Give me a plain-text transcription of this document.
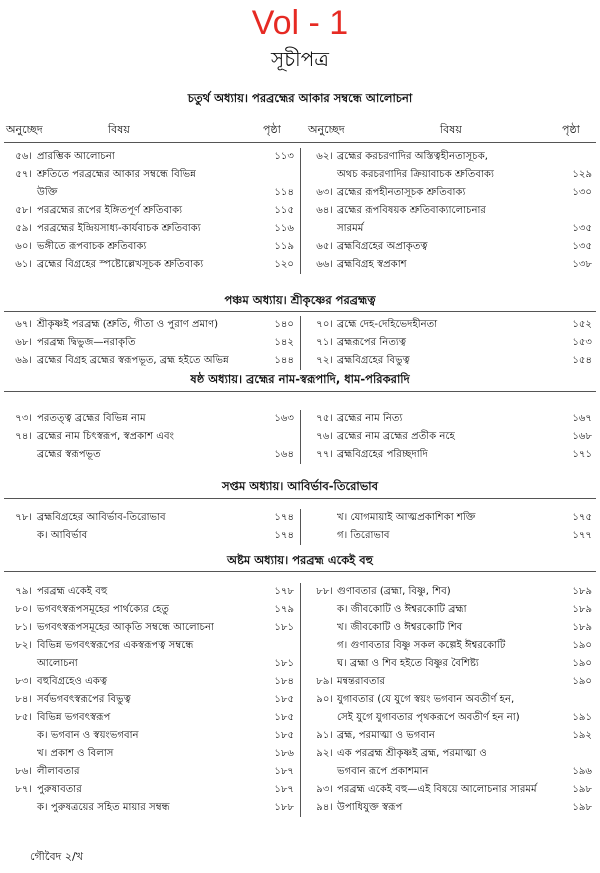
Vol - 1
সূচীপত্র
অনুচ্ছেদ	বিষয়	পৃষ্ঠা অনুচ্ছেদ	বিষয়	পৃষ্ঠা
চতুর্থ অধ্যায়। পরব্রহ্মের আকার সম্বন্ধে আলোচনা
৫৬। প্রারম্ভিক আলোচনা	১১৩
৫৭। শ্রুতিতে পরব্রহ্মের আকার সম্বন্ধে বিভিন্ন
উক্তি	১১৪
৫৮। পরব্রহ্মের রূপের ইঙ্গিতপূর্ণ শ্রুতিবাক্য	১১৫
৫৯। পরব্রহ্মের ইন্দ্রিয়সাধ্য-কার্যবাচক শ্রুতিবাক্য	১১৬
৬০। ভঙ্গীতে রূপবাচক শ্রুতিবাক্য	১১৯
৬১। ব্রহ্মের বিগ্রহের স্পষ্টোল্লেখসূচক শ্রুতিবাক্য	১২০
৬২। ব্রহ্মের করচরণাদির অস্তিত্বহীনতাসূচক,
অথচ করচরণাদির ক্রিয়াবাচক শ্রুতিবাক্য	১২৯
৬৩। ব্রহ্মের রূপহীনতাসূচক শ্রুতিবাক্য	১৩০
৬৪। ব্রহ্মের রূপবিষয়ক শ্রুতিবাক্যালোচনার
সারমর্ম	১৩৫
৬৫। ব্রহ্মবিগ্রহের অপ্রাকৃতত্ব	১৩৫
৬৬। ব্রহ্মবিগ্রহ স্বপ্রকাশ	১৩৮
পঞ্চম অধ্যায়। শ্রীকৃষ্ণের পরব্রহ্মত্ব
৬৭। শ্রীকৃষ্ণই পরব্রহ্ম (শ্রুতি, গীতা ও পুরাণ প্রমাণ)	১৪০
৬৮। পরব্রহ্ম দ্বিভুজ—নরাকৃতি	১৪২
৬৯। ব্রহ্মের বিগ্রহ ব্রহ্মের স্বরূপভূত, ব্রহ্ম হইতে অভিন্ন	১৪৪
৭০। ব্রহ্মে দেহ-দেহিভেদহীনতা	১৫২
৭১। ব্রহ্মরূপের নিত্যত্ব	১৫৩
৭২। ব্রহ্মবিগ্রহের বিভুত্ব	১৫৪
ষষ্ঠ অধ্যায়। ব্রহ্মের নাম-স্বরূপাদি, ধাম-পরিকরাদি
৭৩। পরতত্ত্ব ব্রহ্মের বিভিন্ন নাম	১৬৩
৭৪। ব্রহ্মের নাম চিৎস্বরূপ, স্বপ্রকাশ এবং
ব্রহ্মের স্বরূপভূত	১৬৪
৭৫। ব্রহ্মের নাম নিত্য	১৬৭
৭৬। ব্রহ্মের নাম ব্রহ্মের প্রতীক নহে	১৬৮
৭৭। ব্রহ্মবিগ্রহের পরিচ্ছদাদি	১৭১
সপ্তম অধ্যায়। আবির্ভাব-তিরোভাব
৭৮। ব্রহ্মবিগ্রহের আবির্ভাব-তিরোভাব	১৭৪
ক। আবির্ভাব	১৭৪
খ। যোগমায়াই আত্মপ্রকাশিকা শক্তি	১৭৫
গ। তিরোভাব	১৭৭
অষ্টম অধ্যায়। পরব্রহ্ম একেই বহু
৭৯। পরব্রহ্ম একেই বহু	১৭৮
৮০। ভগবৎস্বরূপসমূহের পার্থক্যের হেতু	১৭৯
৮১। ভগবৎস্বরূপসমূহের আকৃতি সম্বন্ধে আলোচনা	১৮১
৮২। বিভিন্ন ভগবৎস্বরূপের একস্বরূপত্ব সম্বন্ধে
আলোচনা	১৮১
৮৩। বহুবিগ্রহেও একত্ব	১৮৪
৮৪। সর্বভগবৎস্বরূপের বিভুত্ব	১৮৫
৮৫। বিভিন্ন ভগবৎস্বরূপ	১৮৫
ক। ভগবান ও স্বয়ংভগবান	১৮৫
খ। প্রকাশ ও বিলাস	১৮৬
৮৬। লীলাবতার	১৮৭
৮৭। পুরুষাবতার	১৮৭
ক। পুরুষত্রয়ের সহিত মায়ার সম্বন্ধ	১৮৮
৮৮। গুণাবতার (ব্রহ্মা, বিষ্ণু, শিব)	১৮৯
ক। জীবকোটি ও ঈশ্বরকোটি ব্রহ্মা	১৮৯
খ। জীবকোটি ও ঈশ্বরকোটি শিব	১৮৯
গ। গুণাবতার বিষ্ণু সকল কল্পেই ঈশ্বরকোটি	১৯০
ঘ। ব্রহ্মা ও শিব হইতে বিষ্ণুর বৈশিষ্ট্য	১৯০
৮৯। মন্বন্তরাবতার	১৯০
৯০। যুগাবতার (যে যুগে স্বয়ং ভগবান অবতীর্ণ হন,
সেই যুগে যুগাবতার পৃথকরূপে অবতীর্ণ হন না)	১৯১
৯১। ব্রহ্ম, পরমাত্মা ও ভগবান	১৯২
৯২। এক পরব্রহ্ম শ্রীকৃষ্ণই ব্রহ্ম, পরমাত্মা ও
ভগবান রূপে প্রকাশমান	১৯৬
৯৩। পরব্রহ্ম একেই বহু—এই বিষয়ে আলোচনার সারমর্ম	১৯৮
৯৪। উপাধিযুক্ত স্বরূপ	১৯৮
গৌবৈদ ২/খ
